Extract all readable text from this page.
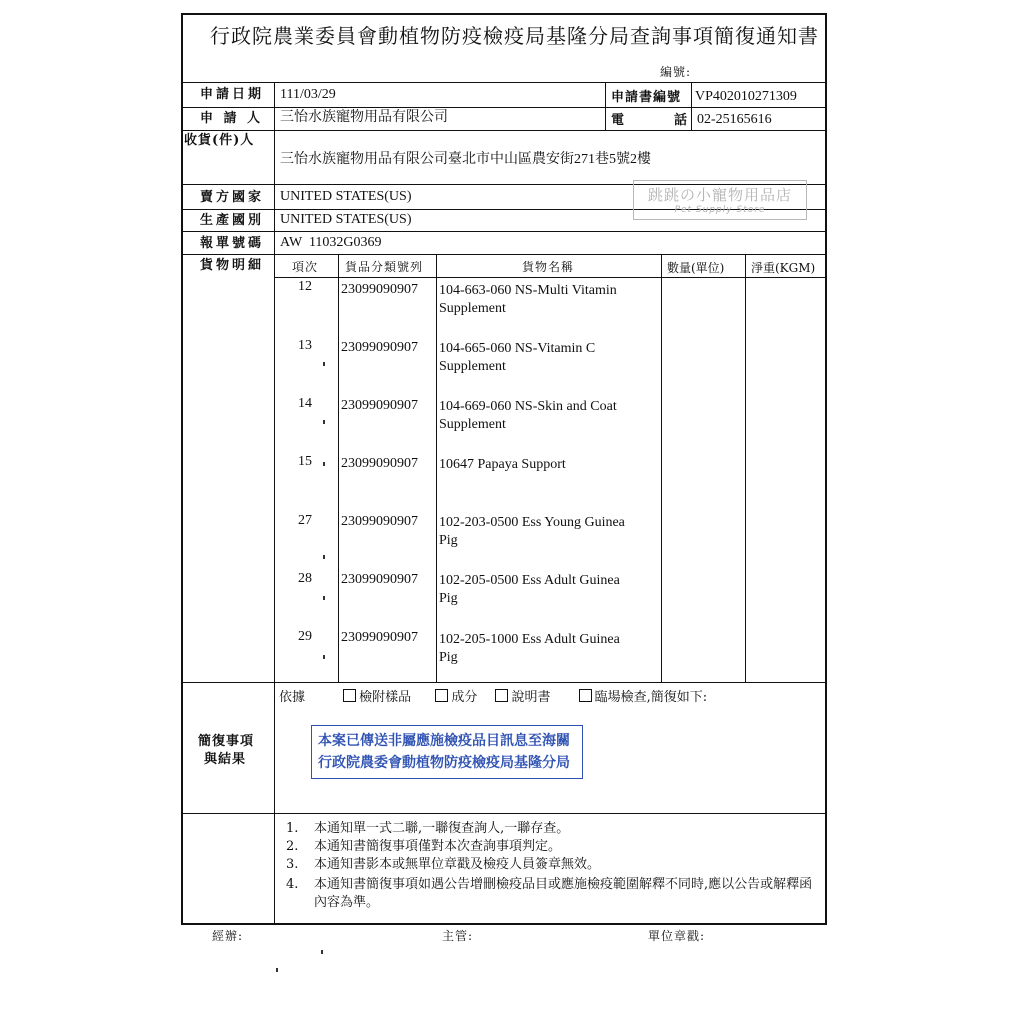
行政院農業委員會動植物防疫檢疫局基隆分局查詢事項簡復通知書
編號:
申請日期 111/03/29	申請書編號 VP402010271309
申 請 人 三怡水族寵物用品有限公司	電	話 02-25165616
收貨(件)人
三怡水族寵物用品有限公司臺北市中山區農安街271巷5號2樓
跳跳の小寵物用品店
Pet Supply Store
賣方國家 UNITED STATES(US)
生產國別 UNITED STATES(US)
報單號碼 AW  11032G0369
貨物明細 項次 貨品分類號列	貨物名稱	數量(單位) 淨重(KGM)
12 23099090907 104-663-060 NS-Multi Vitamin Supplement
13 23099090907 104-665-060 NS-Vitamin C Supplement
14 23099090907 104-669-060 NS-Skin and Coat Supplement
15 23099090907 10647 Papaya Support
27 23099090907 102-203-0500 Ess Young Guinea Pig
28 23099090907 102-205-0500 Ess Adult Guinea Pig
29 23099090907 102-205-1000 Ess Adult Guinea Pig
簡復事項
與結果
依據	檢附樣品	成分	說明書	臨場檢查,簡復如下:
本案已傳送非屬應施檢疫品目訊息至海關
行政院農委會動植物防疫檢疫局基隆分局
1. 本通知單一式二聯,一聯復查詢人,一聯存查。
2. 本通知書簡復事項僅對本次查詢事項判定。
3. 本通知書影本或無單位章戳及檢疫人員簽章無效。
4.	本通知書簡復事項如遇公告增刪檢疫品目或應施檢疫範圍解釋不同時,應以公告或解釋函內容為準。
經辦:	主管:	單位章戳:
